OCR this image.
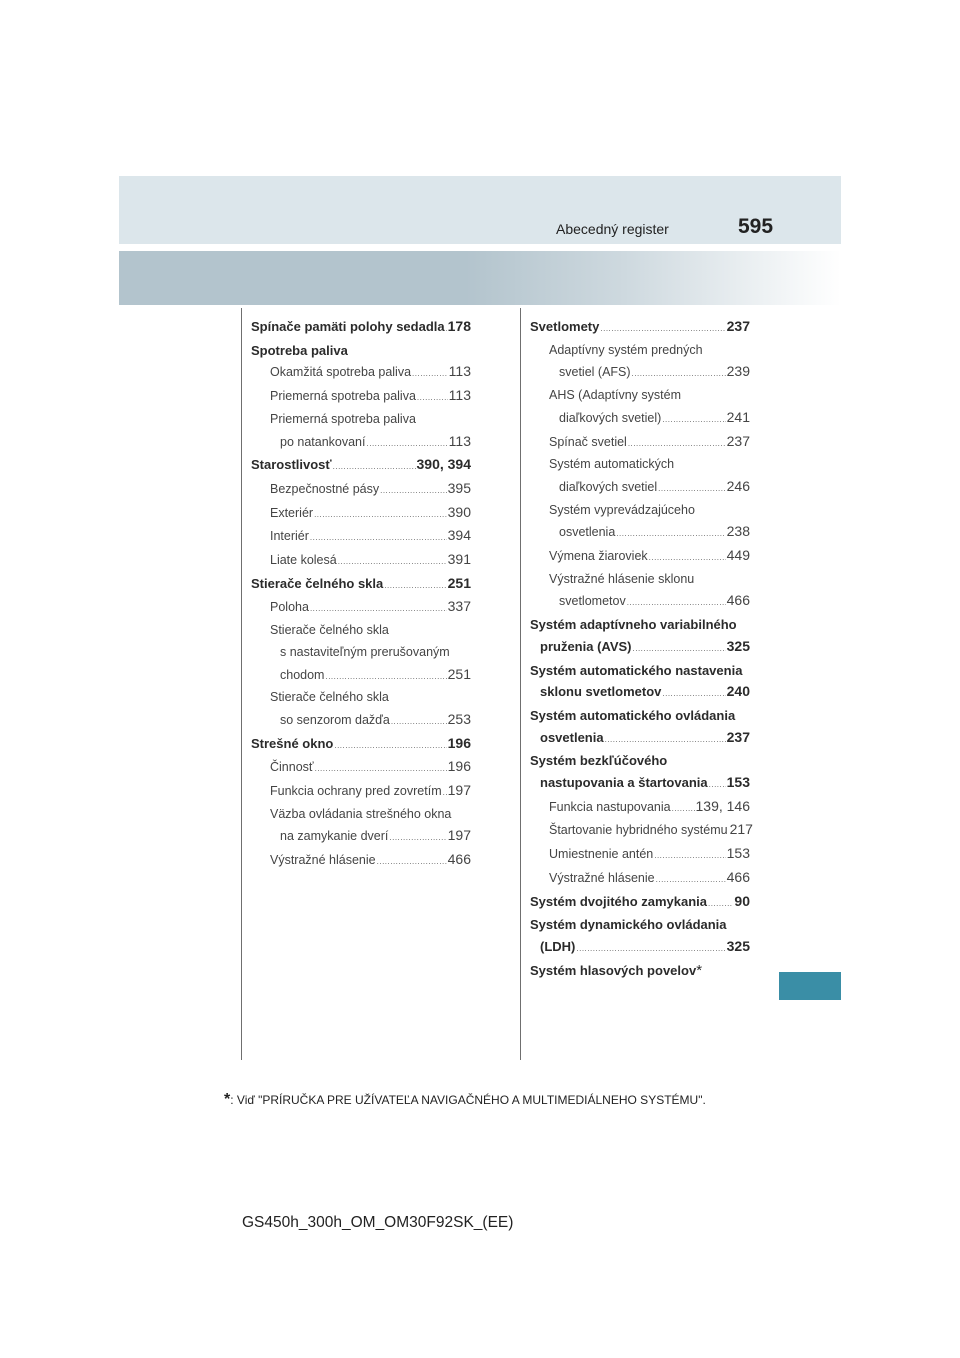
Abecedný register	595
Spínače pamäti polohy sedadla ..... 178
Spotreba paliva
Okamžitá spotreba paliva .....	113
Priemerná spotreba paliva ..... 113
Priemerná spotreba paliva
po natankovaní .....	113
Starostlivosť .....	390, 394
Bezpečnostné pásy .....	395
Exteriér .....	390
Interiér .....	394
Liate kolesá .....	391
Stierače čelného skla .....	251
Poloha .....	337
Stierače čelného skla
s nastaviteľným prerušovaným
chodom .....	251
Stierače čelného skla
so senzorom dažďa .....	253
Strešné okno .....	196
Činnosť .....	196
Funkcia ochrany pred zovretím ..... 197
Väzba ovládania strešného okna
na zamykanie dverí .....	197
Výstražné hlásenie .....	466
Svetlomety .....	237
Adaptívny systém predných
svetiel (AFS) .....	239
AHS (Adaptívny systém
diaľkových svetiel) .....	241
Spínač svetiel .....	237
Systém automatických
diaľkových svetiel .....	246
Systém vyprevádzajúceho
osvetlenia .....	238
Výmena žiaroviek .....	449
Výstražné hlásenie sklonu
svetlometov .....	466
Systém adaptívneho variabilného
pruženia (AVS) .....	325
Systém automatického nastavenia
sklonu svetlometov .....	240
Systém automatického ovládania
osvetlenia .....	237
Systém bezkľúčového
nastupovania a štartovania ..... 153
Funkcia nastupovania ..... 139, 146
Štartovanie hybridného systému 217
Umiestnenie antén .....	153
Výstražné hlásenie .....	466
Systém dvojitého zamykania ..... 90
Systém dynamického ovládania
(LDH) .....	325
Systém hlasových povelov *
*: Viď "PRÍRUČKA PRE UŽÍVATEĽA NAVIGAČNÉHO A MULTIMEDIÁLNEHO SYSTÉMU".
GS450h_300h_OM_OM30F92SK_(EE)
